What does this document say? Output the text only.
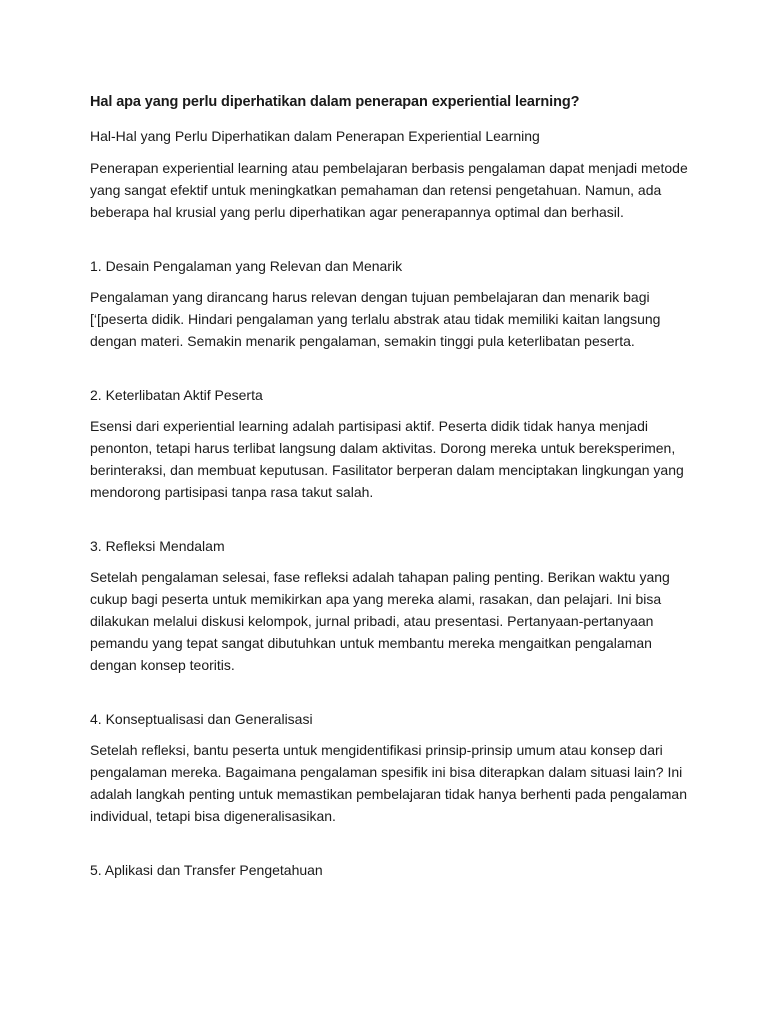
Hal apa yang perlu diperhatikan dalam penerapan experiential learning?

Hal-Hal yang Perlu Diperhatikan dalam Penerapan Experiential Learning

Penerapan experiential learning atau pembelajaran berbasis pengalaman dapat menjadi metode yang sangat efektif untuk meningkatkan pemahaman dan retensi pengetahuan. Namun, ada beberapa hal krusial yang perlu diperhatikan agar penerapannya optimal dan berhasil.

1. Desain Pengalaman yang Relevan dan Menarik

Pengalaman yang dirancang harus relevan dengan tujuan pembelajaran dan menarik bagi [‘[peserta didik. Hindari pengalaman yang terlalu abstrak atau tidak memiliki kaitan langsung dengan materi. Semakin menarik pengalaman, semakin tinggi pula keterlibatan peserta.

2. Keterlibatan Aktif Peserta

Esensi dari experiential learning adalah partisipasi aktif. Peserta didik tidak hanya menjadi penonton, tetapi harus terlibat langsung dalam aktivitas. Dorong mereka untuk bereksperimen, berinteraksi, dan membuat keputusan. Fasilitator berperan dalam menciptakan lingkungan yang mendorong partisipasi tanpa rasa takut salah.

3. Refleksi Mendalam

Setelah pengalaman selesai, fase refleksi adalah tahapan paling penting. Berikan waktu yang cukup bagi peserta untuk memikirkan apa yang mereka alami, rasakan, dan pelajari. Ini bisa dilakukan melalui diskusi kelompok, jurnal pribadi, atau presentasi. Pertanyaan-pertanyaan pemandu yang tepat sangat dibutuhkan untuk membantu mereka mengaitkan pengalaman dengan konsep teoritis.

4. Konseptualisasi dan Generalisasi

Setelah refleksi, bantu peserta untuk mengidentifikasi prinsip-prinsip umum atau konsep dari pengalaman mereka. Bagaimana pengalaman spesifik ini bisa diterapkan dalam situasi lain? Ini adalah langkah penting untuk memastikan pembelajaran tidak hanya berhenti pada pengalaman individual, tetapi bisa digeneralisasikan.

5. Aplikasi dan Transfer Pengetahuan
